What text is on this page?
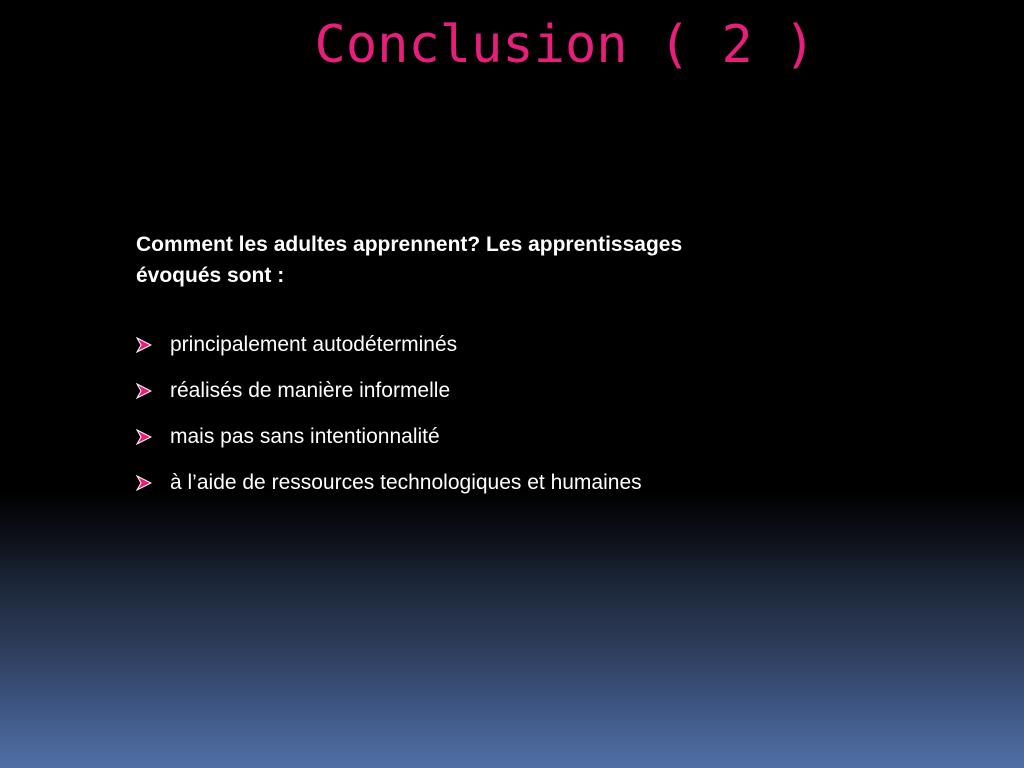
Conclusion ( 2 )
Comment les adultes apprennent? Les apprentissages
évoqués sont :
principalement autodéterminés
réalisés de manière informelle
mais pas sans intentionnalité
à l’aide de ressources technologiques et humaines
